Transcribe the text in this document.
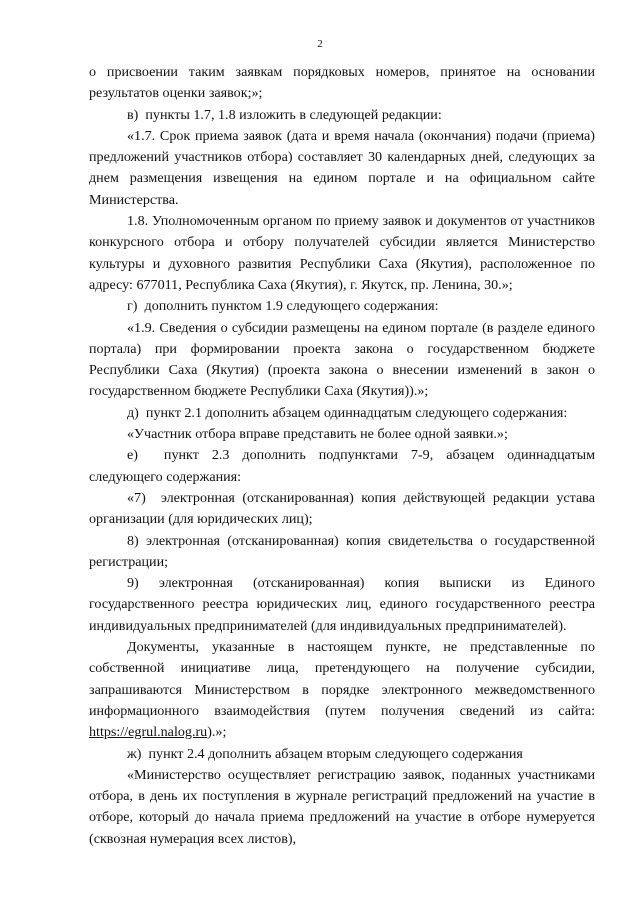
2

о присвоении таким заявкам порядковых номеров, принятое на основании результатов оценки заявок;»;

в)  пункты 1.7, 1.8 изложить в следующей редакции:

«1.7. Срок приема заявок (дата и время начала (окончания) подачи (приема) предложений участников отбора) составляет 30 календарных дней, следующих за днем размещения извещения на едином портале и на официальном сайте Министерства.

1.8. Уполномоченным органом по приему заявок и документов от участников конкурсного отбора и отбору получателей субсидии является Министерство культуры и духовного развития Республики Саха (Якутия), расположенное по адресу: 677011, Республика Саха (Якутия), г. Якутск, пр. Ленина, 30.»;

г)  дополнить пунктом 1.9 следующего содержания:

«1.9. Сведения о субсидии размещены на едином портале (в разделе единого портала) при формировании проекта закона о государственном бюджете Республики Саха (Якутия) (проекта закона о внесении изменений в закон о государственном бюджете Республики Саха (Якутия)).»;

д)  пункт 2.1 дополнить абзацем одиннадцатым следующего содержания:

«Участник отбора вправе представить не более одной заявки.»;

е)  пункт 2.3 дополнить подпунктами 7-9, абзацем одиннадцатым следующего содержания:

«7)  электронная (отсканированная) копия действующей редакции устава организации (для юридических лиц);

8) электронная (отсканированная) копия свидетельства о государственной регистрации;

9) электронная (отсканированная) копия выписки из Единого государственного реестра юридических лиц, единого государственного реестра индивидуальных предпринимателей (для индивидуальных предпринимателей).

Документы, указанные в настоящем пункте, не представленные по собственной инициативе лица, претендующего на получение субсидии, запрашиваются Министерством в порядке электронного межведомственного информационного взаимодействия (путем получения сведений из сайта: https://egrul.nalog.ru).»;

ж)  пункт 2.4 дополнить абзацем вторым следующего содержания

«Министерство осуществляет регистрацию заявок, поданных участниками отбора, в день их поступления в журнале регистраций предложений на участие в отборе, который до начала приема предложений на участие в отборе нумеруется (сквозная нумерация всех листов),
